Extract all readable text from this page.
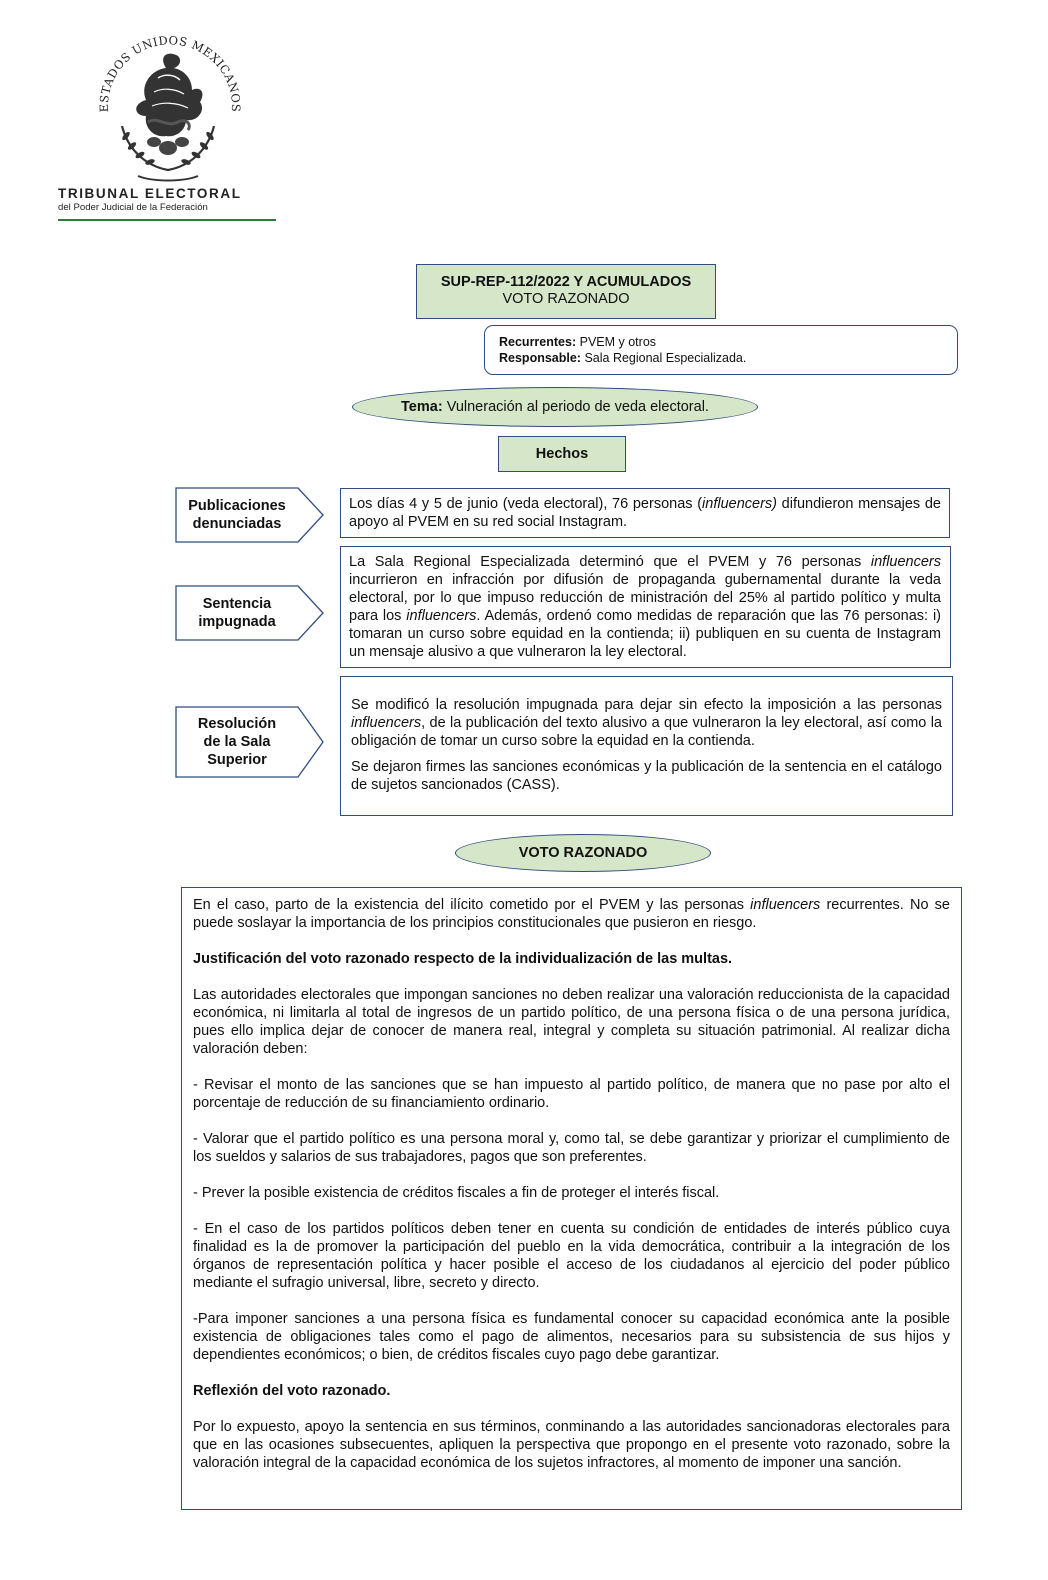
ESTADOS UNIDOS MEXICANOS
TRIBUNAL ELECTORAL
del Poder Judicial de la Federación
SUP-REP-112/2022 Y ACUMULADOS
VOTO RAZONADO
Recurrentes: PVEM y otros
Responsable: Sala Regional Especializada.
Tema: Vulneración al periodo de veda electoral.
Hechos
Publicaciones
denunciadas

Los días 4 y 5 de junio (veda electoral), 76 personas (influencers) difundieron mensajes de apoyo al PVEM en su red social Instagram.

Sentencia
impugnada

La Sala Regional Especializada determinó que el PVEM y 76 personas influencers incurrieron en infracción por difusión de propaganda gubernamental durante la veda electoral, por lo que impuso reducción de ministración del 25% al partido político y multa para los influencers. Además, ordenó como medidas de reparación que las 76 personas: i) tomaran un curso sobre equidad en la contienda; ii) publiquen en su cuenta de Instagram un mensaje alusivo a que vulneraron la ley electoral.

Resolución
de la Sala
Superior

Se modificó la resolución impugnada para dejar sin efecto la imposición a las personas influencers, de la publicación del texto alusivo a que vulneraron la ley electoral, así como la obligación de tomar un curso sobre la equidad en la contienda.

Se dejaron firmes las sanciones económicas y la publicación de la sentencia en el catálogo de sujetos sancionados (CASS).

VOTO RAZONADO

En el caso, parto de la existencia del ilícito cometido por el PVEM y las personas influencers recurrentes. No se puede soslayar la importancia de los principios constitucionales que pusieron en riesgo.

Justificación del voto razonado respecto de la individualización de las multas.

Las autoridades electorales que impongan sanciones no deben realizar una valoración reduccionista de la capacidad económica, ni limitarla al total de ingresos de un partido político, de una persona física o de una persona jurídica, pues ello implica dejar de conocer de manera real, integral y completa su situación patrimonial. Al realizar dicha valoración deben:

- Revisar el monto de las sanciones que se han impuesto al partido político, de manera que no pase por alto el porcentaje de reducción de su financiamiento ordinario.

- Valorar que el partido político es una persona moral y, como tal, se debe garantizar y priorizar el cumplimiento de los sueldos y salarios de sus trabajadores, pagos que son preferentes.

- Prever la posible existencia de créditos fiscales a fin de proteger el interés fiscal.

- En el caso de los partidos políticos deben tener en cuenta su condición de entidades de interés público cuya finalidad es la de promover la participación del pueblo en la vida democrática, contribuir a la integración de los órganos de representación política y hacer posible el acceso de los ciudadanos al ejercicio del poder público mediante el sufragio universal, libre, secreto y directo.

-Para imponer sanciones a una persona física es fundamental conocer su capacidad económica ante la posible existencia de obligaciones tales como el pago de alimentos, necesarios para su subsistencia de sus hijos y dependientes económicos; o bien, de créditos fiscales cuyo pago debe garantizar.

Reflexión del voto razonado.

Por lo expuesto, apoyo la sentencia en sus términos, conminando a las autoridades sancionadoras electorales para que en las ocasiones subsecuentes, apliquen la perspectiva que propongo en el presente voto razonado, sobre la valoración integral de la capacidad económica de los sujetos infractores, al momento de imponer una sanción.
